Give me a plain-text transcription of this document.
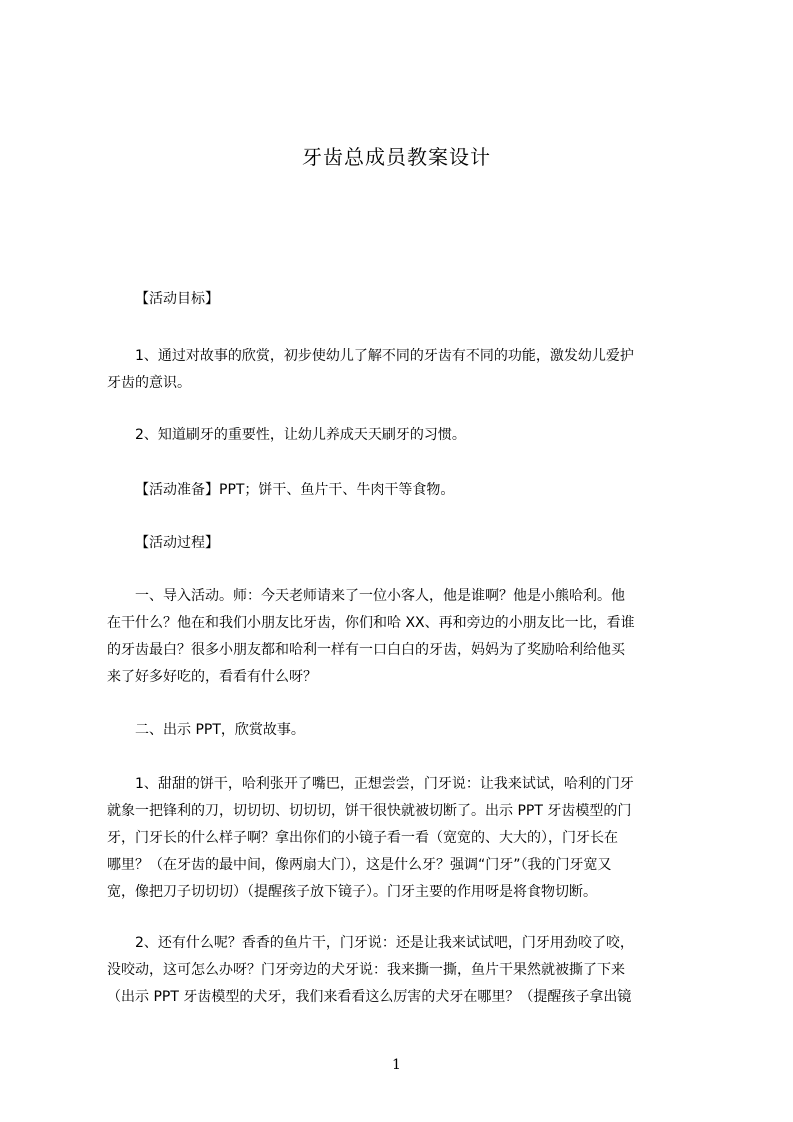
牙齿总成员教案设计

【活动目标】

1、通过对故事的欣赏，初步使幼儿了解不同的牙齿有不同的功能，激发幼儿爱护
牙齿的意识。

2、知道刷牙的重要性，让幼儿养成天天刷牙的习惯。

【活动准备】PPT；饼干、鱼片干、牛肉干等食物。

【活动过程】

一、导入活动。师：今天老师请来了一位小客人，他是谁啊？他是小熊哈利。他
在干什么？他在和我们小朋友比牙齿，你们和哈 XX、再和旁边的小朋友比一比，看谁
的牙齿最白？很多小朋友都和哈利一样有一口白白的牙齿，妈妈为了奖励哈利给他买
来了好多好吃的，看看有什么呀？

二、出示 PPT，欣赏故事。

1、甜甜的饼干，哈利张开了嘴巴，正想尝尝，门牙说：让我来试试，哈利的门牙
就象一把锋利的刀，切切切、切切切，饼干很快就被切断了。出示 PPT 牙齿模型的门
牙，门牙长的什么样子啊？拿出你们的小镜子看一看（宽宽的、大大的），门牙长在
哪里？（在牙齿的最中间，像两扇大门），这是什么牙？强调“门牙”（我的门牙宽又
宽，像把刀子切切切）（提醒孩子放下镜子）。门牙主要的作用呀是将食物切断。

2、还有什么呢？香香的鱼片干，门牙说：还是让我来试试吧，门牙用劲咬了咬，
没咬动，这可怎么办呀？门牙旁边的犬牙说：我来撕一撕，鱼片干果然就被撕了下来
（出示 PPT 牙齿模型的犬牙，我们来看看这么厉害的犬牙在哪里？（提醒孩子拿出镜

1
